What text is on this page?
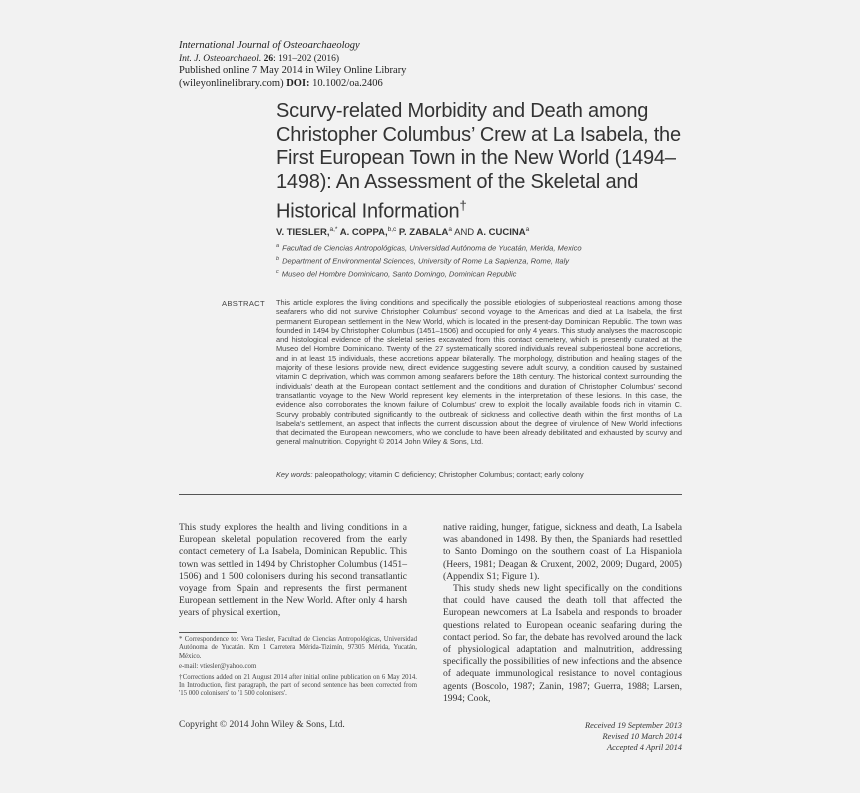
International Journal of Osteoarchaeology
Int. J. Osteoarchaeol. 26: 191–202 (2016)
Published online 7 May 2014 in Wiley Online Library
(wileyonlinelibrary.com) DOI: 10.1002/oa.2406
Scurvy-related Morbidity and Death among Christopher Columbus’ Crew at La Isabela, the First European Town in the New World (1494–1498): An Assessment of the Skeletal and Historical Information†
V. TIESLER,$^{a,*}$ A. COPPA,$^{b,c}$ P. ZABALA$^a$ AND A. CUCINA$^a$
$^a$ Facultad de Ciencias Antropológicas, Universidad Autónoma de Yucatán, Merida, Mexico
$^b$ Department of Environmental Sciences, University of Rome La Sapienza, Rome, Italy
$^c$ Museo del Hombre Dominicano, Santo Domingo, Dominican Republic
ABSTRACT This article explores the living conditions and specifically the possible etiologies of subperiosteal reactions among those seafarers who did not survive Christopher Columbus’ second voyage to the Americas and died at La Isabela, the first permanent European settlement in the New World, which is located in the present-day Dominican Republic. The town was founded in 1494 by Christopher Columbus (1451–1506) and occupied for only 4 years. This study analyses the macroscopic and histological evidence of the skeletal series excavated from this contact cemetery, which is presently curated at the Museo del Hombre Dominicano. Twenty of the 27 systematically scored individuals reveal subperiosteal bone accretions, and in at least 15 individuals, these accretions appear bilaterally. The morphology, distribution and healing stages of the majority of these lesions provide new, direct evidence suggesting severe adult scurvy, a condition caused by sustained vitamin C deprivation, which was common among seafarers before the 18th century. The historical context surrounding the individuals’ death at the European contact settlement and the conditions and duration of Christopher Columbus’ second transatlantic voyage to the New World represent key elements in the interpretation of these lesions. In this case, the evidence also corroborates the known failure of Columbus’ crew to exploit the locally available foods rich in vitamin C. Scurvy probably contributed significantly to the outbreak of sickness and collective death within the first months of La Isabela’s settlement, an aspect that inflects the current discussion about the degree of virulence of New World infections that decimated the European newcomers, who we conclude to have been already debilitated and exhausted by scurvy and general malnutrition. Copyright © 2014 John Wiley & Sons, Ltd.
Key words: paleopathology; vitamin C deficiency; Christopher Columbus; contact; early colony

This study explores the health and living conditions in a European skeletal population recovered from the early contact cemetery of La Isabela, Dominican Republic. This town was settled in 1494 by Christopher Columbus (1451–1506) and 1 500 colonisers during his second transatlantic voyage from Spain and represents the first permanent European settlement in the New World. After only 4 harsh years of physical exertion,

native raiding, hunger, fatigue, sickness and death, La Isabela was abandoned in 1498. By then, the Spaniards had resettled to Santo Domingo on the southern coast of La Hispaniola (Heers, 1981; Deagan & Cruxent, 2002, 2009; Dugard, 2005) (Appendix S1; Figure 1).

This study sheds new light specifically on the conditions that could have caused the death toll that affected the European newcomers at La Isabela and responds to broader questions related to European oceanic seafaring during the contact period. So far, the debate has revolved around the lack of physiological adaptation and malnutrition, addressing specifically the possibilities of new infections and the absence of adequate immunological resistance to novel contagious agents (Boscolo, 1987; Zanin, 1987; Guerra, 1988; Larsen, 1994; Cook,

* Correspondence to: Vera Tiesler, Facultad de Ciencias Antropológicas, Universidad Autónoma de Yucatán. Km 1 Carretera Mérida-Tizimín, 97305 Mérida, Yucatán, México.

e-mail: vtiesler@yahoo.com

†Corrections added on 21 August 2014 after initial online publication on 6 May 2014. In Introduction, first paragraph, the part of second sentence has been corrected from '15 000 colonisers' to '1 500 colonisers'.

Copyright © 2014 John Wiley & Sons, Ltd.	Received 19 September 2013
Revised 10 March 2014
Accepted 4 April 2014
